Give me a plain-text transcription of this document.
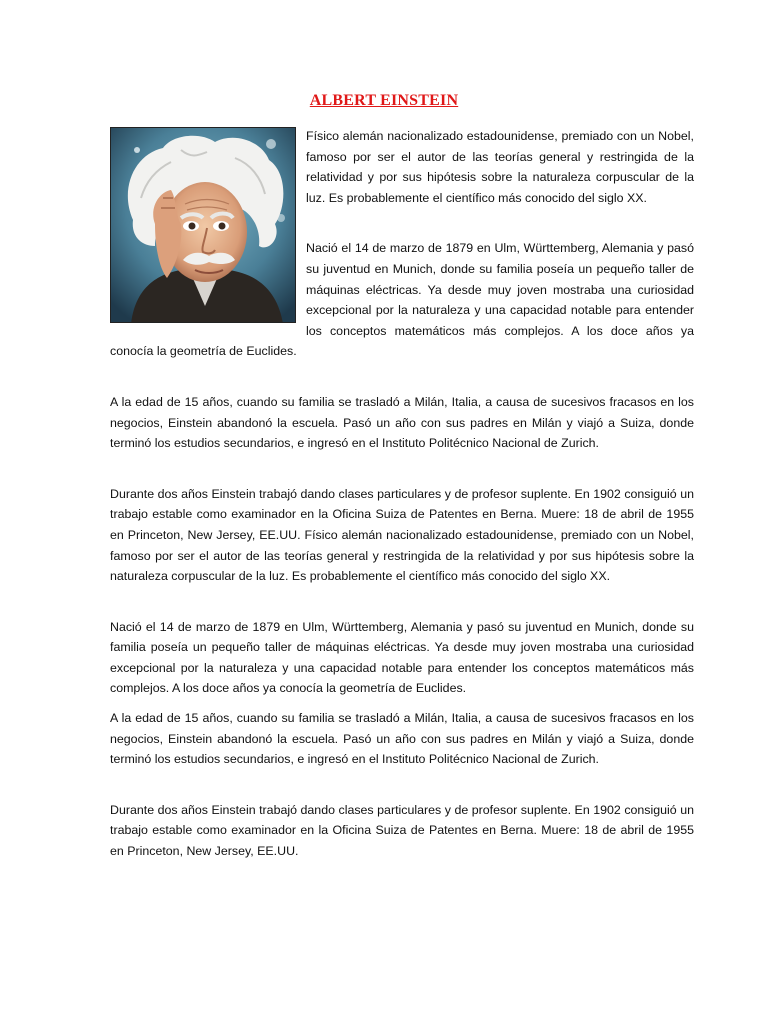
ALBERT EINSTEIN

Físico alemán nacionalizado estadounidense, premiado con un Nobel, famoso por ser el autor de las teorías general y restringida de la relatividad y por sus hipótesis sobre la naturaleza corpuscular de la luz. Es probablemente el científico más conocido del siglo XX.

Nació el 14 de marzo de 1879 en Ulm, Württemberg, Alemania y pasó su juventud en Munich, donde su familia poseía un pequeño taller de máquinas eléctricas. Ya desde muy joven mostraba una curiosidad excepcional por la naturaleza y una capacidad notable para entender los conceptos matemáticos más complejos. A los doce años ya conocía la geometría de Euclides.

A la edad de 15 años, cuando su familia se trasladó a Milán, Italia, a causa de sucesivos fracasos en los negocios, Einstein abandonó la escuela. Pasó un año con sus padres en Milán y viajó a Suiza, donde terminó los estudios secundarios, e ingresó en el Instituto Politécnico Nacional de Zurich.

Durante dos años Einstein trabajó dando clases particulares y de profesor suplente. En 1902 consiguió un trabajo estable como examinador en la Oficina Suiza de Patentes en Berna. Muere: 18 de abril de 1955 en Princeton, New Jersey, EE.UU. Físico alemán nacionalizado estadounidense, premiado con un Nobel, famoso por ser el autor de las teorías general y restringida de la relatividad y por sus hipótesis sobre la naturaleza corpuscular de la luz. Es probablemente el científico más conocido del siglo XX.

Nació el 14 de marzo de 1879 en Ulm, Württemberg, Alemania y pasó su juventud en Munich, donde su familia poseía un pequeño taller de máquinas eléctricas. Ya desde muy joven mostraba una curiosidad excepcional por la naturaleza y una capacidad notable para entender los conceptos matemáticos más complejos. A los doce años ya conocía la geometría de Euclides.

A la edad de 15 años, cuando su familia se trasladó a Milán, Italia, a causa de sucesivos fracasos en los negocios, Einstein abandonó la escuela. Pasó un año con sus padres en Milán y viajó a Suiza, donde terminó los estudios secundarios, e ingresó en el Instituto Politécnico Nacional de Zurich.

Durante dos años Einstein trabajó dando clases particulares y de profesor suplente. En 1902 consiguió un trabajo estable como examinador en la Oficina Suiza de Patentes en Berna. Muere: 18 de abril de 1955 en Princeton, New Jersey, EE.UU.
